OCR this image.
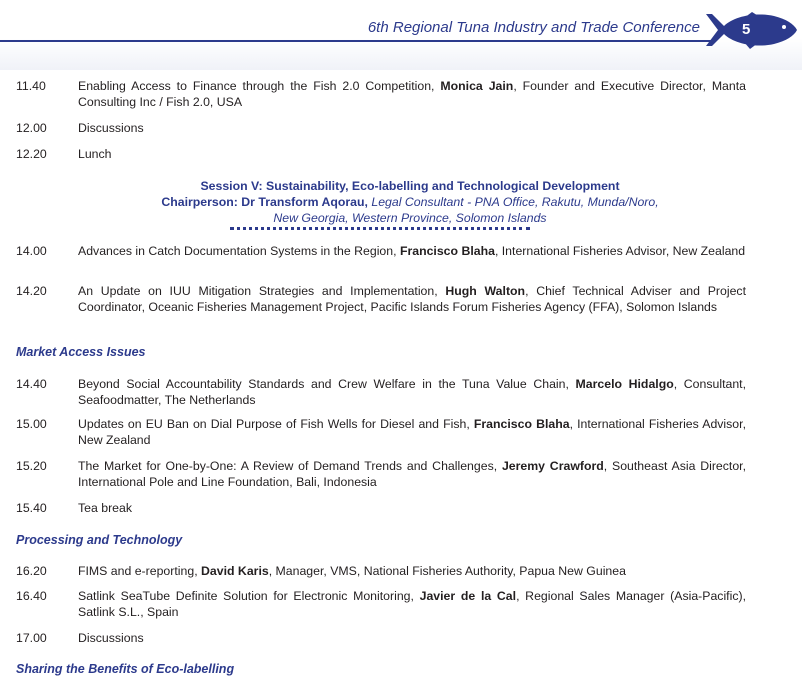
6th Regional Tuna Industry and Trade Conference	5
11.40	Enabling Access to Finance through the Fish 2.0 Competition, Monica Jain, Founder and Executive Director, Manta Consulting Inc / Fish 2.0, USA
12.00	Discussions
12.20	Lunch
Session V: Sustainability, Eco-labelling and Technological Development
Chairperson: Dr Transform Aqorau, Legal Consultant - PNA Office, Rakutu, Munda/Noro,
New Georgia, Western Province, Solomon Islands
14.00	Advances in Catch Documentation Systems in the Region, Francisco Blaha, International Fisheries Advisor, New Zealand
14.20	An Update on IUU Mitigation Strategies and Implementation, Hugh Walton, Chief Technical Adviser and Project Coordinator, Oceanic Fisheries Management Project, Pacific Islands Forum Fisheries Agency (FFA), Solomon Islands
Market Access Issues
14.40	Beyond Social Accountability Standards and Crew Welfare in the Tuna Value Chain, Marcelo Hidalgo, Consultant, Seafoodmatter, The Netherlands
15.00	Updates on EU Ban on Dial Purpose of Fish Wells for Diesel and Fish, Francisco Blaha, International Fisheries Advisor, New Zealand
15.20	The Market for One-by-One: A Review of Demand Trends and Challenges, Jeremy Crawford, Southeast Asia Director, International Pole and Line Foundation, Bali, Indonesia
15.40	Tea break
Processing and Technology
16.20	FIMS and e-reporting, David Karis, Manager, VMS, National Fisheries Authority, Papua New Guinea
16.40	Satlink SeaTube Definite Solution for Electronic Monitoring, Javier de la Cal, Regional Sales Manager (Asia-Pacific), Satlink S.L., Spain
17.00	Discussions
Sharing the Benefits of Eco-labelling
